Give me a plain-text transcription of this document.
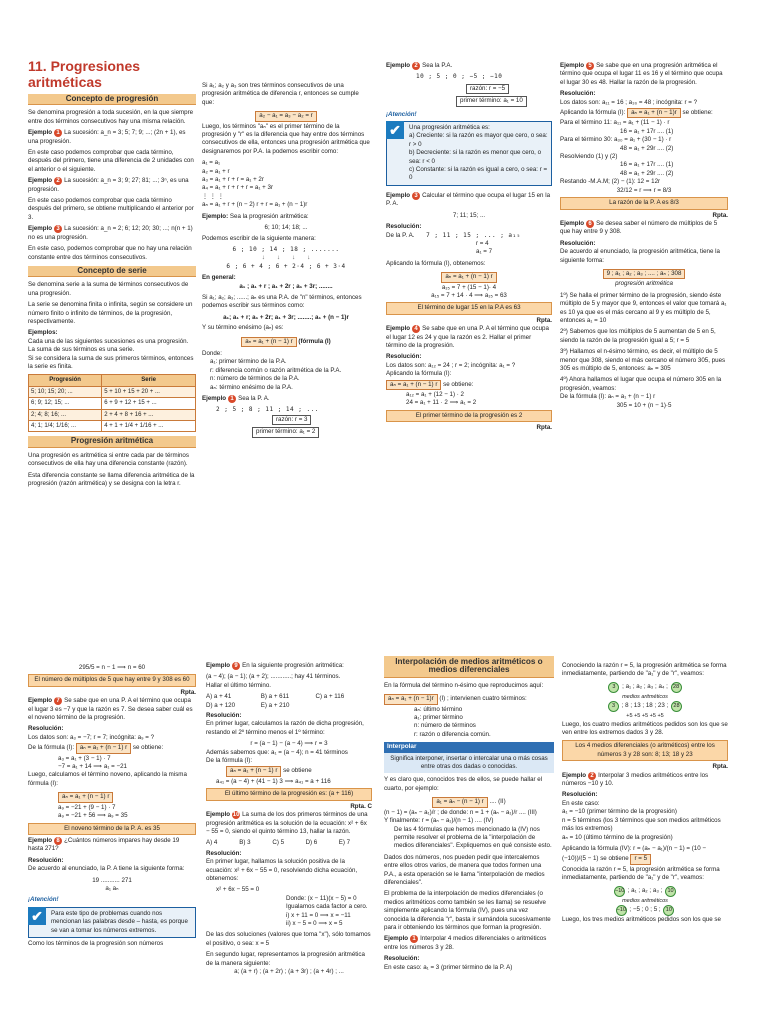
11. Progresiones aritméticas
Concepto de progresión

Se denomina progresión a toda sucesión, en la que siempre entre dos términos consecutivos hay una misma relación.

Ejemplo 1 La sucesión: a_n = 3; 5; 7; 9; ...; (2n + 1), es una progresión.

En este caso podemos comprobar que cada término, después del primero, tiene una diferencia de 2 unidades con el anterior o el siguiente.

Ejemplo 2 La sucesión: a_n = 3; 9; 27; 81; ...; 3ⁿ, es una progresión.

En este caso podemos comprobar que cada término después del primero, se obtiene multiplicando el anterior por 3.

Ejemplo 3 La sucesión: a_n = 2; 6; 12; 20; 30; ...; n(n + 1) no es una progresión.

En este caso, podemos comprobar que no hay una relación constante entre dos términos consecutivos.

Concepto de serie

Se denomina serie a la suma de términos consecutivos de una progresión.

La serie se denomina finita o infinita, según se considere un número finito o infinito de términos, de la progresión, respectivamente.

Ejemplos:

Cada una de las siguientes sucesiones es una progresión.

La suma de sus términos es una serie.

Si se considera la suma de sus primeros términos, entonces la serie es finita.

Progresión	Serie
5; 10; 15; 20; ...	5 + 10 + 15 + 20 + ...
6; 9; 12; 15; ...	6 + 9 + 12 + 15 + ...
2; 4; 8; 16; ...	2 + 4 + 8 + 16 + ...
4; 1; 1/4; 1/16; ...	4 + 1 + 1/4 + 1/16 + ...
Progresión aritmética

Una progresión es aritmética si entre cada par de términos consecutivos de ella hay una diferencia constante (razón).

Esta diferencia constante se llama diferencia aritmética de la progresión (razón aritmética) y se designa con la letra r.

Si a₁; a₂ y a₃ son tres términos consecutivos de una progresión aritmética de diferencia r, entonces se cumple que:

a₂ − a₁ = a₃ − a₂ = r

Luego, los términos "aₙ" es el primer término de la progresión y "r" es la diferencia que hay entre dos términos consecutivos de ella, entonces una progresión aritmética que designaremos por P.A. la podemos escribir como:

a₁ = a₁
a₂ = a₁ + r
a₃ = a₁ + r + r = a₁ + 2r
a₄ = a₁ + r + r + r = a₁ + 3r
⋮ ⋮ ⋮
aₙ = a₁ + r + (n − 2) r + r = a₁ + (n − 1)r

Ejemplo: Sea la progresión aritmética:

6; 10; 14; 18; ...

Podemos escribir de la siguiente manera:

6 ; 10 ; 14 ; 18 ; .......
↓       ↓       ↓       ↓
6 ; 6 + 4 ; 6 + 2·4 ; 6 + 3·4

En general:

a₁ ; a₁ + r ; a₁ + 2r ; a₁ + 3r; ........

Si a₁; a₂; a₃; ......; aₙ es una P.A. de "n" términos, entonces podemos escribir sus términos como:

a₁; a₁ + r; a₁ + 2r; a₁ + 3r; ........; a₁ + (n − 1)r

Y su término enésimo (aₙ) es:

aₙ = a₁ + (n − 1) r (fórmula (I)

Donde:

a₁: primer término de la P.A.
r: diferencia común o razón aritmética de la P.A.
n: número de términos de la P.A.
aₙ: término enésimo de la P.A.

Ejemplo 1 Sea la P. A.

2 ; 5 ; 8 ; 11 ; 14 ; ...
razón: r = 3
primer término: a₁ = 2

Ejemplo 2 Sea la P.A.

10 ; 5 ; 0 ; −5 ; −10
razón: r = −5
primer término: a₁ = 10
¡Atención!
✔	Una progresión aritmética es:
a) Creciente: si la razón es mayor que cero, o sea: r > 0
b) Decreciente: si la razón es menor que cero, o sea: r < 0
c) Constante: si la razón es igual a cero, o sea: r = 0

Ejemplo 3 Calcular el término que ocupa el lugar 15 en la P. A.

7; 11; 15; ...

Resolución:

De la P. A. 7 ; 11 ; 15 ; ... ; a₁₅
r = 4
a₁ = 7

Aplicando la fórmula (I), obtenemos:

aₙ = a₁ + (n − 1) r
a₁₅ = 7 + (15 − 1)· 4
a₁₅ = 7 + 14 · 4 ⟹ a₁₅ = 63
El término de lugar 15 en la P.A es 63
Rpta.

Ejemplo 4 Se sabe que en una P. A el término que ocupa el lugar 12 es 24 y que la razón es 2. Hallar el primer término de la progresión.

Resolución:

Los datos son: a₁₂ = 24 ; r = 2; incógnita: a₁ = ?

Aplicando la fórmula (I):

aₙ = a₁ + (n − 1) r se obtiene:
a₁₂ = a₁ + (12 − 1) · 2
24 = a₁ + 11 · 2 ⟹ a₁ = 2
El primer término de la progresión es 2
Rpta.

Ejemplo 5 Se sabe que en una progresión aritmética el término que ocupa el lugar 11 es 16 y el término que ocupa el lugar 30 es 48. Hallar la razón de la progresión.

Resolución:

Los datos son: a₁₁ = 16 ; a₃₀ = 48 ; incógnita: r = ?

Aplicando la fórmula (I): aₙ = a₁ + (n − 1)r se obtiene:
Para el término 11: a₁₁ = a₁ + (11 − 1) · r
16 = a₁ + 17r .... (1)
Para el término 30: a₃₀ = a₁ + (30 − 1) · r
48 = a₁ + 29r .... (2)
Resolviendo (1) y (2)
16 = a₁ + 17r .... (1)
48 = a₁ + 29r .... (2)
Restando -M.A.M; (2) − (1): 12 = 12r
32/12 = r ⟹ r = 8/3
La razón de la P. A es 8/3
Rpta.

Ejemplo 6 Se desea saber el número de múltiplos de 5 que hay entre 9 y 308.

Resolución:

De acuerdo al enunciado, la progresión aritmética, tiene la siguiente forma:

9 ; a₁ ; a₂ ; a₃ ; .... ; aₙ ; 308
progresión aritmética

1º) Se halla el primer término de la progresión, siendo éste múltiplo de 5 y mayor que 9, entonces el valor que tomará a₁ es 10 ya que es el más cercano al 9 y es múltiplo de 5, entonces a₁ = 10

2º) Sabemos que los múltiplos de 5 aumentan de 5 en 5, siendo la razón de la progresión igual a 5; r = 5

3º) Hallamos el n-ésimo término, es decir, el múltiplo de 5 menor que 308, siendo el más cercano el número 305, pues 305 es múltiplo de 5, entonces: aₙ = 305

4º) Ahora hallamos el lugar que ocupa el número 305 en la progresión, veamos:

De la fórmula (I): aₙ = a₁ + (n − 1) r
305 = 10 + (n − 1)·5
295/5 = n − 1 ⟹ n = 60
El número de múltiplos de 5 que hay entre 9 y 308 es 60
Rpta.

Ejemplo 7 Se sabe que en una P. A el término que ocupa el lugar 3 es −7 y que la razón es 7. Se desea saber cuál es el noveno término de la progresión.

Resolución:

Los datos son: a₃ = −7; r = 7; incógnita: a₉ = ?

De la fórmula (I): aₙ = a₁ + (n − 1) r se obtiene:
a₃ = a₁ + (3 − 1) · 7
−7 = a₁ + 14 ⟹ a₁ = −21

Luego, calculamos el término noveno, aplicando la misma fórmula (I):

aₙ = a₁ + (n − 1) r
a₉ = −21 + (9 − 1) · 7
a₉ = −21 + 56 ⟹ a₉ = 35
El noveno término de la P. A. es 35

Ejemplo 8 ¿Cuántos números impares hay desde 19 hasta 271?

Resolución:

De acuerdo al enunciado, la P. A tiene la siguiente forma:

19 ........... 271
a₁ aₙ
¡Atención!
✔	Para este tipo de problemas cuando nos mencionan las palabras desde – hasta, es porque se van a tomar los números extremos.

Como los términos de la progresión son números

Ejemplo 9 En la siguiente progresión aritmética:

(a − 4); (a − 1); (a + 2); ............; hay 41 términos.

Hallar el último término.

A) a + 41	B) a + 611	C) a + 116
D) a + 120	E) a + 210

Resolución:

En primer lugar, calculamos la razón de dicha progresión, restando el 2º término menos el 1º término:

r = (a − 1) − (a − 4) ⟹ r = 3

Además sabemos que: a₁ = (a − 4); n = 41 términos

De la fórmula (I):

aₙ = a₁ + (n − 1) r se obtiene
a₄₁ = (a − 4) + (41 − 1) 3 ⟹ a₄₁ = a + 116
El último término de la progresión es: (a + 116)
Rpta. C

Ejemplo 10 La suma de los dos primeros términos de una progresión aritmética es la solución de la ecuación: x² + 6x − 55 = 0, siendo el quinto término 13, hallar la razón.

A) 4	B) 3	C) 5	D) 6	E) 7

Resolución:

En primer lugar, hallamos la solución positiva de la ecuación: x² + 6x − 55 = 0, resolviendo dicha ecuación, obtenemos:

x² + 6x − 55 = 0
Donde: (x − 11)(x − 5) = 0
Igualamos cada factor a cero.
i) x + 11 = 0 ⟹ x = −11
ii) x − 5 = 0 ⟹ x = 5

De las dos soluciones (valores que toma "x"), sólo tomamos el positivo, o sea: x = 5

En segundo lugar, representamos la progresión aritmética de la manera siguiente:

a; (a + r) ; (a + 2r) ; (a + 3r) ; (a + 4r) ; ...
Interpolación de medios aritméticos o medios diferenciales

En la fórmula del término n-ésimo que reproducimos aquí:

aₙ = a₁ + (n − 1)r (I) ; intervienen cuatro términos:
aₙ: último término
a₁: primer término
n: número de términos
r: razón o diferencia común.
Interpolar
Significa interponer, insertar o intercalar una o más cosas entre otras dos dadas o conocidas.

Y es claro que, conocidos tres de ellos, se puede hallar el cuarto, por ejemplo:

a₁ = aₙ − (n − 1) r .... (II)
(n − 1) = (aₙ − a₁)/r ; de donde: n = 1 + (aₙ − a₁)/r .... (III)
Y finalmente: r = (aₙ − a₁)/(n − 1) .... (IV)

De las 4 fórmulas que hemos mencionado la (IV) nos permite resolver el problema de la "interpolación de medios diferenciales". Expliquemos en qué consiste esto.

Dados dos números, nos pueden pedir que intercalemos entre ellos otros varios, de manera que todos formen una P.A., a esta operación se le llama "interpolación de medios diferenciales".

El problema de la interpolación de medios diferenciales (o medios aritméticos como también se les llama) se resuelve simplemente aplicando la fórmula (IV), pues una vez conocida la diferencia "r", basta ir sumándola sucesivamente para ir obteniendo los términos que forman la progresión.

Ejemplo 1 Interpolar 4 medios diferenciales o aritméticos entre los números 3 y 28.

Resolución:

En este caso: a₁ = 3 (primer término de la P. A)

Conociendo la razón r = 5, la progresión aritmética se forma inmediatamente, partiendo de "a₁" y de "r", veamos:

3 ; a₁ ; a₂ ; a₃ ; a₄ ; 28
medios aritméticos
3 ; 8 ; 13 ; 18 ; 23 ; 28
+5 +5 +5 +5 +5

Luego, los cuatro medios aritméticos pedidos son los que se ven entre los extremos dados 3 y 28.

Los 4 medios diferenciales (o aritméticos) entre los números 3 y 28 son: 8; 13; 18 y 23
Rpta.

Ejemplo 2 Interpolar 3 medios aritméticos entre los números −10 y 10.

Resolución:

En este caso:

a₁ = −10 (primer término de la progresión)
n = 5 términos (los 3 términos que son medios aritméticos más los extremos)
aₙ = 10 (último término de la progresión)
Aplicando la fórmula (IV): r = (aₙ − a₁)/(n − 1) = (10 − (−10))/(5 − 1) se obtiene r = 5

Conocida la razón r = 5, la progresión aritmética se forma inmediatamente, partiendo de "a₁" y de "r", veamos:

−10 ; a₁ ; a₂ ; a₃ ; 10
medios aritméticos
−10 ; −5 ; 0 ; 5 ; 10

Luego, los tres medios aritméticos pedidos son los que se
